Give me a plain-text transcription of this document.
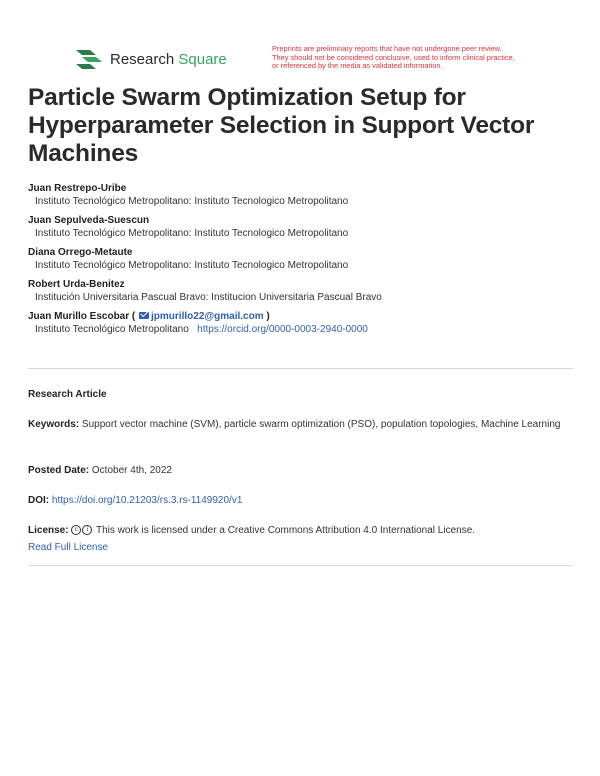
Research Square
Preprints are preliminary reports that have not undergone peer review.
They should not be considered conclusive, used to inform clinical practice,
or referenced by the media as validated information.
Particle Swarm Optimization Setup for Hyperparameter Selection in Support Vector Machines
Juan Restrepo-Uribe
Instituto Tecnológico Metropolitano: Instituto Tecnologico Metropolitano
Juan Sepulveda-Suescun
Instituto Tecnológico Metropolitano: Instituto Tecnologico Metropolitano
Diana Orrego-Metaute
Instituto Tecnológico Metropolitano: Instituto Tecnologico Metropolitano
Robert Urda-Benitez
Institución Universitaria Pascual Bravo: Institucion Universitaria Pascual Bravo
Juan Murillo Escobar ( jpmurillo22@gmail.com )
Instituto Tecnológico Metropolitano https://orcid.org/0000-0003-2940-0000
Research Article
Keywords: Support vector machine (SVM), particle swarm optimization (PSO), population topologies, Machine Learning
Posted Date: October 4th, 2022
DOI: https://doi.org/10.21203/rs.3.rs-1149920/v1
License: c i This work is licensed under a Creative Commons Attribution 4.0 International License.
Read Full License
